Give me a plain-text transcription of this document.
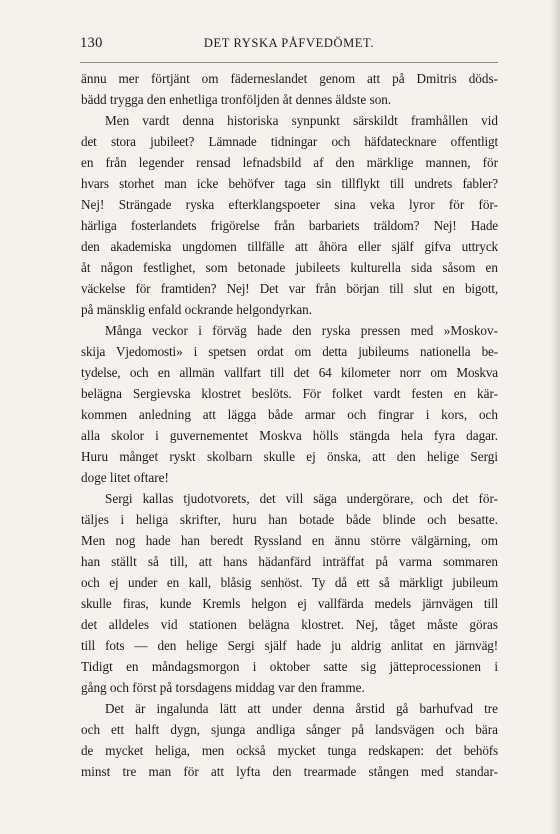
130	DET RYSKA PÅFVEDÖMET.
ännu mer förtjänt om fäderneslandet genom att på Dmitris döds-
bädd trygga den enhetliga tronföljden åt dennes äldste son.
Men vardt denna historiska synpunkt särskildt framhållen vid
det stora jubileet? Lämnade tidningar och häfdatecknare offentligt
en från legender rensad lefnadsbild af den märklige mannen, för
hvars storhet man icke behöfver taga sin tillflykt till undrets fabler?
Nej! Strängade ryska efterklangspoeter sina veka lyror för för-
härliga fosterlandets frigörelse från barbariets träldom? Nej! Hade
den akademiska ungdomen tillfälle att åhöra eller själf gifva uttryck
åt någon festlighet, som betonade jubileets kulturella sida såsom en
väckelse för framtiden? Nej! Det var från början till slut en bigott,
på mänsklig enfald ockrande helgondyrkan.
Många veckor i förväg hade den ryska pressen med »Moskov-
skija Vjedomosti» i spetsen ordat om detta jubileums nationella be-
tydelse, och en allmän vallfart till det 64 kilometer norr om Moskva
belägna Sergievska klostret beslöts. För folket vardt festen en kär-
kommen anledning att lägga både armar och fingrar i kors, och
alla skolor i guvernementet Moskva hölls stängda hela fyra dagar.
Huru månget ryskt skolbarn skulle ej önska, att den helige Sergi
doge litet oftare!
Sergi kallas tjudotvorets, det vill säga undergörare, och det för-
täljes i heliga skrifter, huru han botade både blinde och besatte.
Men nog hade han beredt Ryssland en ännu större välgärning, om
han ställt så till, att hans hädanfärd inträffat på varma sommaren
och ej under en kall, blåsig senhöst. Ty då ett så märkligt jubileum
skulle firas, kunde Kremls helgon ej vallfärda medels järnvägen till
det alldeles vid stationen belägna klostret. Nej, tåget måste göras
till fots — den helige Sergi själf hade ju aldrig anlitat en järnväg!
Tidigt en måndagsmorgon i oktober satte sig jätteprocessionen i
gång och först på torsdagens middag var den framme.
Det är ingalunda lätt att under denna årstid gå barhufvad tre
och ett halft dygn, sjunga andliga sånger på landsvägen och bära
de mycket heliga, men också mycket tunga redskapen: det behöfs
minst tre man för att lyfta den trearmade stången med standar-
